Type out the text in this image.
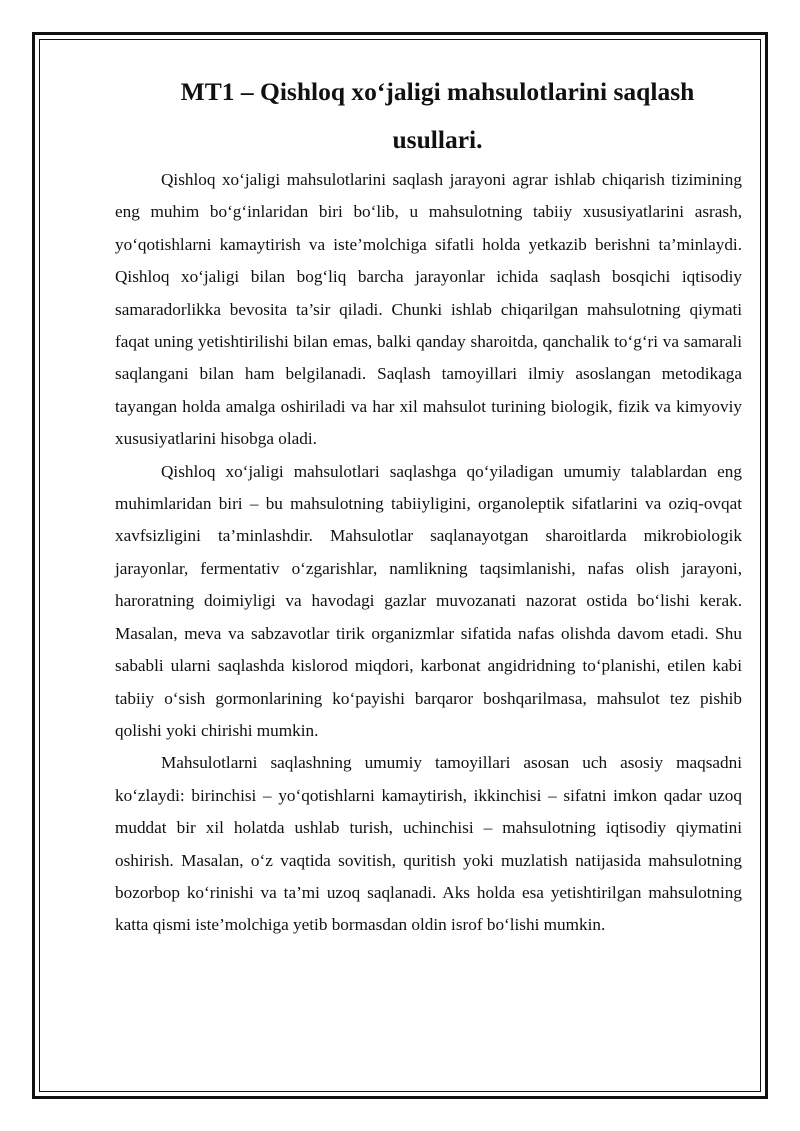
MT1 – Qishloq xo‘jaligi mahsulotlarini saqlash usullari.

Qishloq xo‘jaligi mahsulotlarini saqlash jarayoni agrar ishlab chiqarish tizimining eng muhim bo‘g‘inlaridan biri bo‘lib, u mahsulotning tabiiy xususiyatlarini asrash, yo‘qotishlarni kamaytirish va iste’molchiga sifatli holda yetkazib berishni ta’minlaydi. Qishloq xo‘jaligi bilan bog‘liq barcha jarayonlar ichida saqlash bosqichi iqtisodiy samaradorlikka bevosita ta’sir qiladi. Chunki ishlab chiqarilgan mahsulotning qiymati faqat uning yetishtirilishi bilan emas, balki qanday sharoitda, qanchalik to‘g‘ri va samarali saqlangani bilan ham belgilanadi. Saqlash tamoyillari ilmiy asoslangan metodikaga tayangan holda amalga oshiriladi va har xil mahsulot turining biologik, fizik va kimyoviy xususiyatlarini hisobga oladi.

Qishloq xo‘jaligi mahsulotlari saqlashga qo‘yiladigan umumiy talablardan eng muhimlaridan biri – bu mahsulotning tabiiyligini, organoleptik sifatlarini va oziq-ovqat xavfsizligini ta’minlashdir. Mahsulotlar saqlanayotgan sharoitlarda mikrobiologik jarayonlar, fermentativ o‘zgarishlar, namlikning taqsimlanishi, nafas olish jarayoni, haroratning doimiyligi va havodagi gazlar muvozanati nazorat ostida bo‘lishi kerak. Masalan, meva va sabzavotlar tirik organizmlar sifatida nafas olishda davom etadi. Shu sababli ularni saqlashda kislorod miqdori, karbonat angidridning to‘planishi, etilen kabi tabiiy o‘sish gormonlarining ko‘payishi barqaror boshqarilmasa, mahsulot tez pishib qolishi yoki chirishi mumkin.

Mahsulotlarni saqlashning umumiy tamoyillari asosan uch asosiy maqsadni ko‘zlaydi: birinchisi – yo‘qotishlarni kamaytirish, ikkinchisi – sifatni imkon qadar uzoq muddat bir xil holatda ushlab turish, uchinchisi – mahsulotning iqtisodiy qiymatini oshirish. Masalan, o‘z vaqtida sovitish, quritish yoki muzlatish natijasida mahsulotning bozorbop ko‘rinishi va ta’mi uzoq saqlanadi. Aks holda esa yetishtirilgan mahsulotning katta qismi iste’molchiga yetib bormasdan oldin isrof bo‘lishi mumkin.
